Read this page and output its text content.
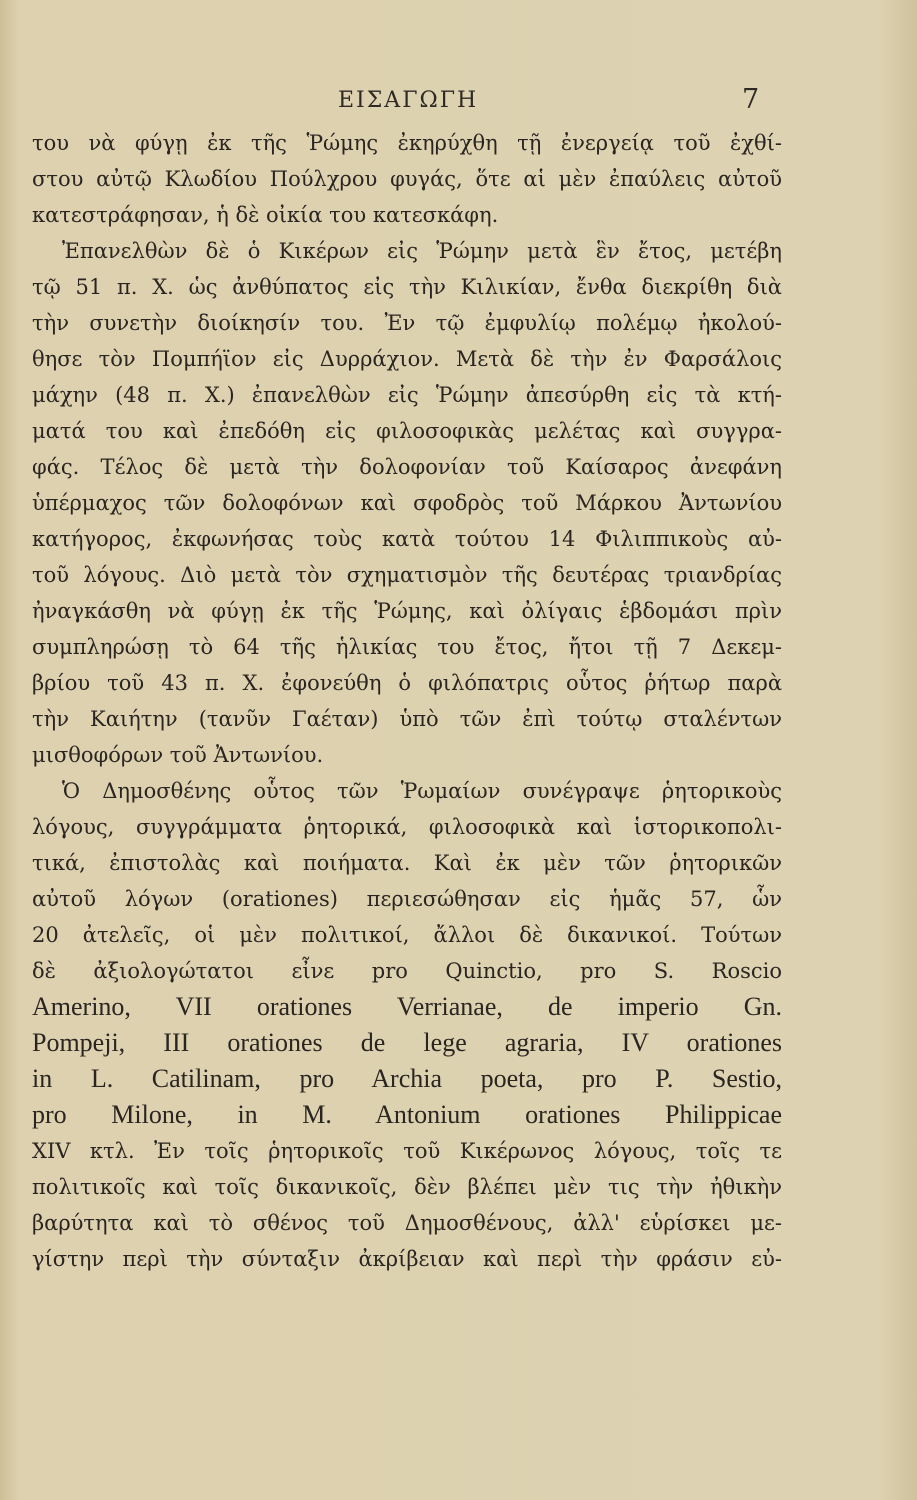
ΕΙΣΑΓΩΓΗ	7
του νὰ φύγῃ ἐκ τῆς Ῥώμης ἐκηρύχθη τῇ ἐνεργείᾳ τοῦ ἐχθί-
στου αὐτῷ Κλωδίου Πούλχρου φυγάς, ὅτε αἱ μὲν ἐπαύλεις αὐτοῦ
κατεστράφησαν, ἡ δὲ οἰκία του κατεσκάφη.
Ἐπανελθὼν δὲ ὁ Κικέρων εἰς Ῥώμην μετὰ ἓν ἔτος, μετέβη
τῷ 51 π. Χ. ὡς ἀνθύπατος εἰς τὴν Κιλικίαν, ἔνθα διεκρίθη διὰ
τὴν συνετὴν διοίκησίν του. Ἐν τῷ ἐμφυλίῳ πολέμῳ ἠκολού-
θησε τὸν Πομπήϊον εἰς Δυρράχιον. Μετὰ δὲ τὴν ἐν Φαρσάλοις
μάχην (48 π. Χ.) ἐπανελθὼν εἰς Ῥώμην ἀπεσύρθη εἰς τὰ κτή-
ματά του καὶ ἐπεδόθη εἰς φιλοσοφικὰς μελέτας καὶ συγγρα-
φάς. Τέλος δὲ μετὰ τὴν δολοφονίαν τοῦ Καίσαρος ἀνεφάνη
ὑπέρμαχος τῶν δολοφόνων καὶ σφοδρὸς τοῦ Μάρκου Ἀντωνίου
κατήγορος, ἐκφωνήσας τοὺς κατὰ τούτου 14 Φιλιππικοὺς αὐ-
τοῦ λόγους. Διὸ μετὰ τὸν σχηματισμὸν τῆς δευτέρας τριανδρίας
ἠναγκάσθη νὰ φύγῃ ἐκ τῆς Ῥώμης, καὶ ὀλίγαις ἑβδομάσι πρὶν
συμπληρώσῃ τὸ 64 τῆς ἡλικίας του ἔτος, ἤτοι τῇ 7 Δεκεμ-
βρίου τοῦ 43 π. Χ. ἐφονεύθη ὁ φιλόπατρις οὗτος ῥήτωρ παρὰ
τὴν Καιήτην (τανῦν Γαέταν) ὑπὸ τῶν ἐπὶ τούτῳ σταλέντων
μισθοφόρων τοῦ Ἀντωνίου.
Ὁ Δημοσθένης οὗτος τῶν Ῥωμαίων συνέγραψε ῥητορικοὺς
λόγους, συγγράμματα ῥητορικά, φιλοσοφικὰ καὶ ἱστορικοπολι-
τικά, ἐπιστολὰς καὶ ποιήματα. Καὶ ἐκ μὲν τῶν ῥητορικῶν
αὐτοῦ λόγων (orationes) περιεσώθησαν εἰς ἡμᾶς 57, ὧν
20 ἀτελεῖς, οἱ μὲν πολιτικοί, ἄλλοι δὲ δικανικοί. Τούτων
δὲ ἀξιολογώτατοι εἶνε pro Quinctio, pro S. Roscio
Amerino, VII orationes Verrianae, de imperio Gn.
Pompeji, III orationes de lege agraria, IV orationes
in L. Catilinam, pro Archia poeta, pro P. Sestio,
pro Milone, in M. Antonium orationes Philippicae
XIV κτλ. Ἐν τοῖς ῥητορικοῖς τοῦ Κικέρωνος λόγους, τοῖς τε
πολιτικοῖς καὶ τοῖς δικανικοῖς, δὲν βλέπει μὲν τις τὴν ἠθικὴν
βαρύτητα καὶ τὸ σθένος τοῦ Δημοσθένους, ἀλλ' εὑρίσκει με-
γίστην περὶ τὴν σύνταξιν ἀκρίβειαν καὶ περὶ τὴν φράσιν εὐ-
